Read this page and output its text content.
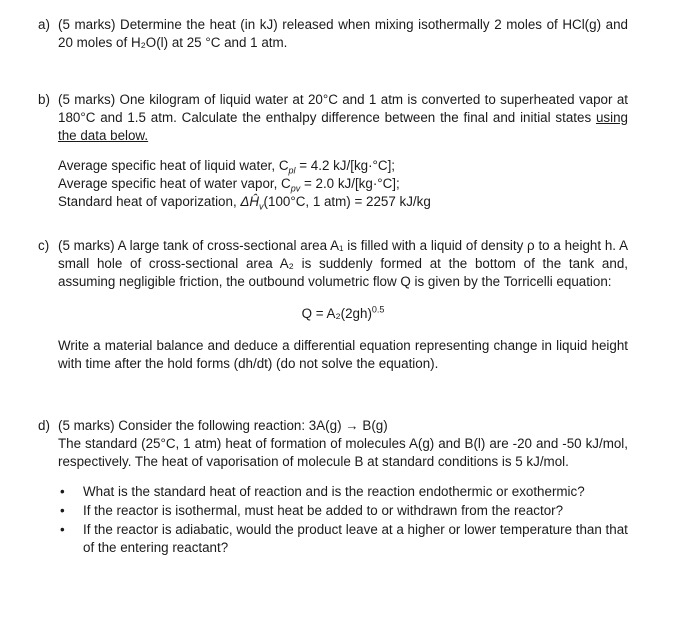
a) (5 marks) Determine the heat (in kJ) released when mixing isothermally 2 moles of HCl(g) and 20 moles of H₂O(l) at 25 °C and 1 atm.

b) (5 marks) One kilogram of liquid water at 20°C and 1 atm is converted to superheated vapor at 180°C and 1.5 atm. Calculate the enthalpy difference between the final and initial states using the data below.

Average specific heat of liquid water, $C_{pl} = 4.2$ kJ/[kg·°C];
Average specific heat of water vapor, $C_{pv} = 2.0$ kJ/[kg·°C];
Standard heat of vaporization, $\Delta Ĥ_v(100^\circ C$, 1 atm) = 2257 kJ/kg
c) (5 marks) A large tank of cross-sectional area A₁ is filled with a liquid of density ρ to a height h. A small hole of cross-sectional area A₂ is suddenly formed at the bottom of the tank and, assuming negligible friction, the outbound volumetric flow Q is given by the Torricelli equation:

$Q = A_2(2gh)^{0.5}$

Write a material balance and deduce a differential equation representing change in liquid height with time after the hold forms (dh/dt) (do not solve the equation).

d) (5 marks) Consider the following reaction: 3A(g) → B(g)

The standard (25°C, 1 atm) heat of formation of molecules A(g) and B(l) are -20 and -50 kJ/mol, respectively. The heat of vaporisation of molecule B at standard conditions is 5 kJ/mol.

• What is the standard heat of reaction and is the reaction endothermic or exothermic?
• If the reactor is isothermal, must heat be added to or withdrawn from the reactor?
• If the reactor is adiabatic, would the product leave at a higher or lower temperature than that of the entering reactant?
